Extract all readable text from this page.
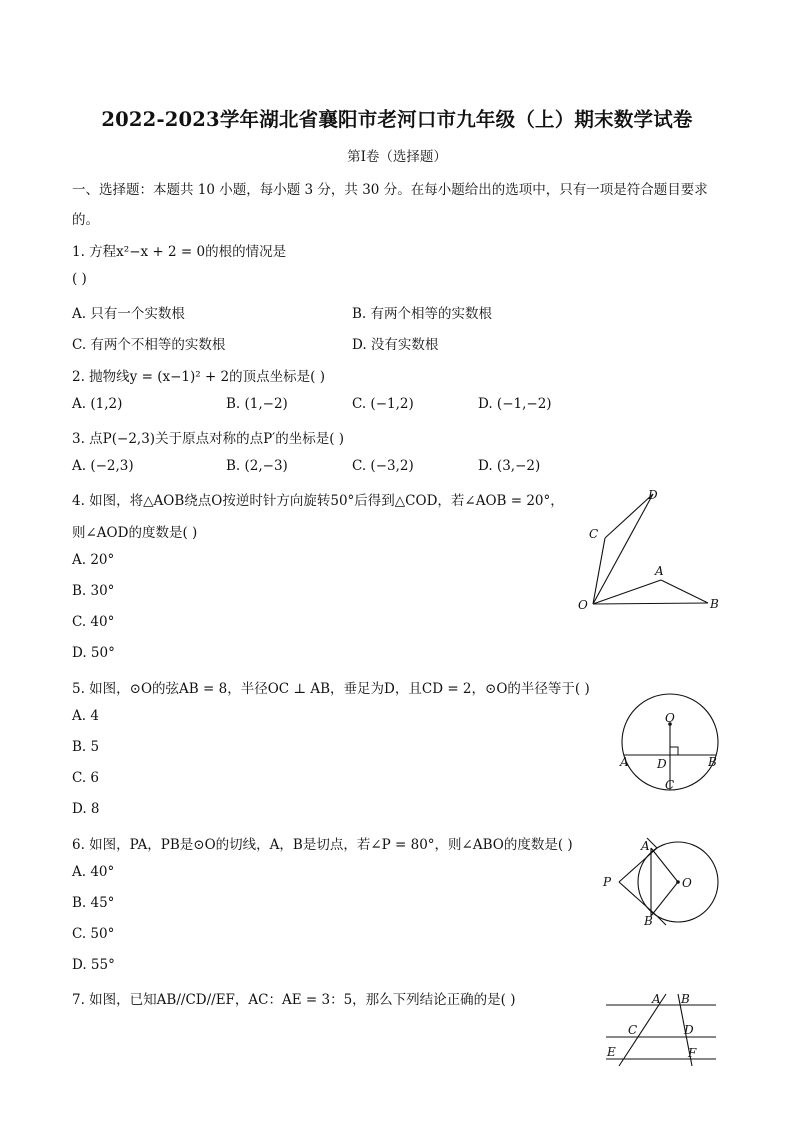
2022-2023学年湖北省襄阳市老河口市九年级（上）期末数学试卷
第Ⅰ卷（选择题）
一、选择题：本题共 10 小题，每小题 3 分，共 30 分。在每小题给出的选项中，只有一项是符合题目要求
的。
1. 方程x²−x + 2 = 0的根的情况是
( )
A. 只有一个实数根	B. 有两个相等的实数根
C. 有两个不相等的实数根	D. 没有实数根
2. 抛物线y = (x−1)² + 2的顶点坐标是( )
A. (1,2)	B. (1,−2)	C. (−1,2)	D. (−1,−2)
3. 点P(−2,3)关于原点对称的点P′的坐标是( )
A. (−2,3)	B. (2,−3)	C. (−3,2)	D. (3,−2)
4. 如图，将△AOB绕点O按逆时针方向旋转50°后得到△COD，若∠AOB = 20°，
则∠AOD的度数是( )
A. 20°
B. 30°
C. 40°
D. 50°
D
C
A
O	B
5. 如图，⊙O的弦AB = 8，半径OC ⊥ AB，垂足为D，且CD = 2，⊙O的半径等于( )
A. 4
B. 5
C. 6
D. 8
O
A D	B
C
6. 如图，PA，PB是⊙O的切线，A，B是切点，若∠P = 80°，则∠ABO的度数是( )
A. 40°
B. 45°
C. 50°
D. 55°
A
P	O
B
7. 如图，已知AB//CD//EF，AC：AE = 3：5，那么下列结论正确的是( )	A B
C	D
E	F
